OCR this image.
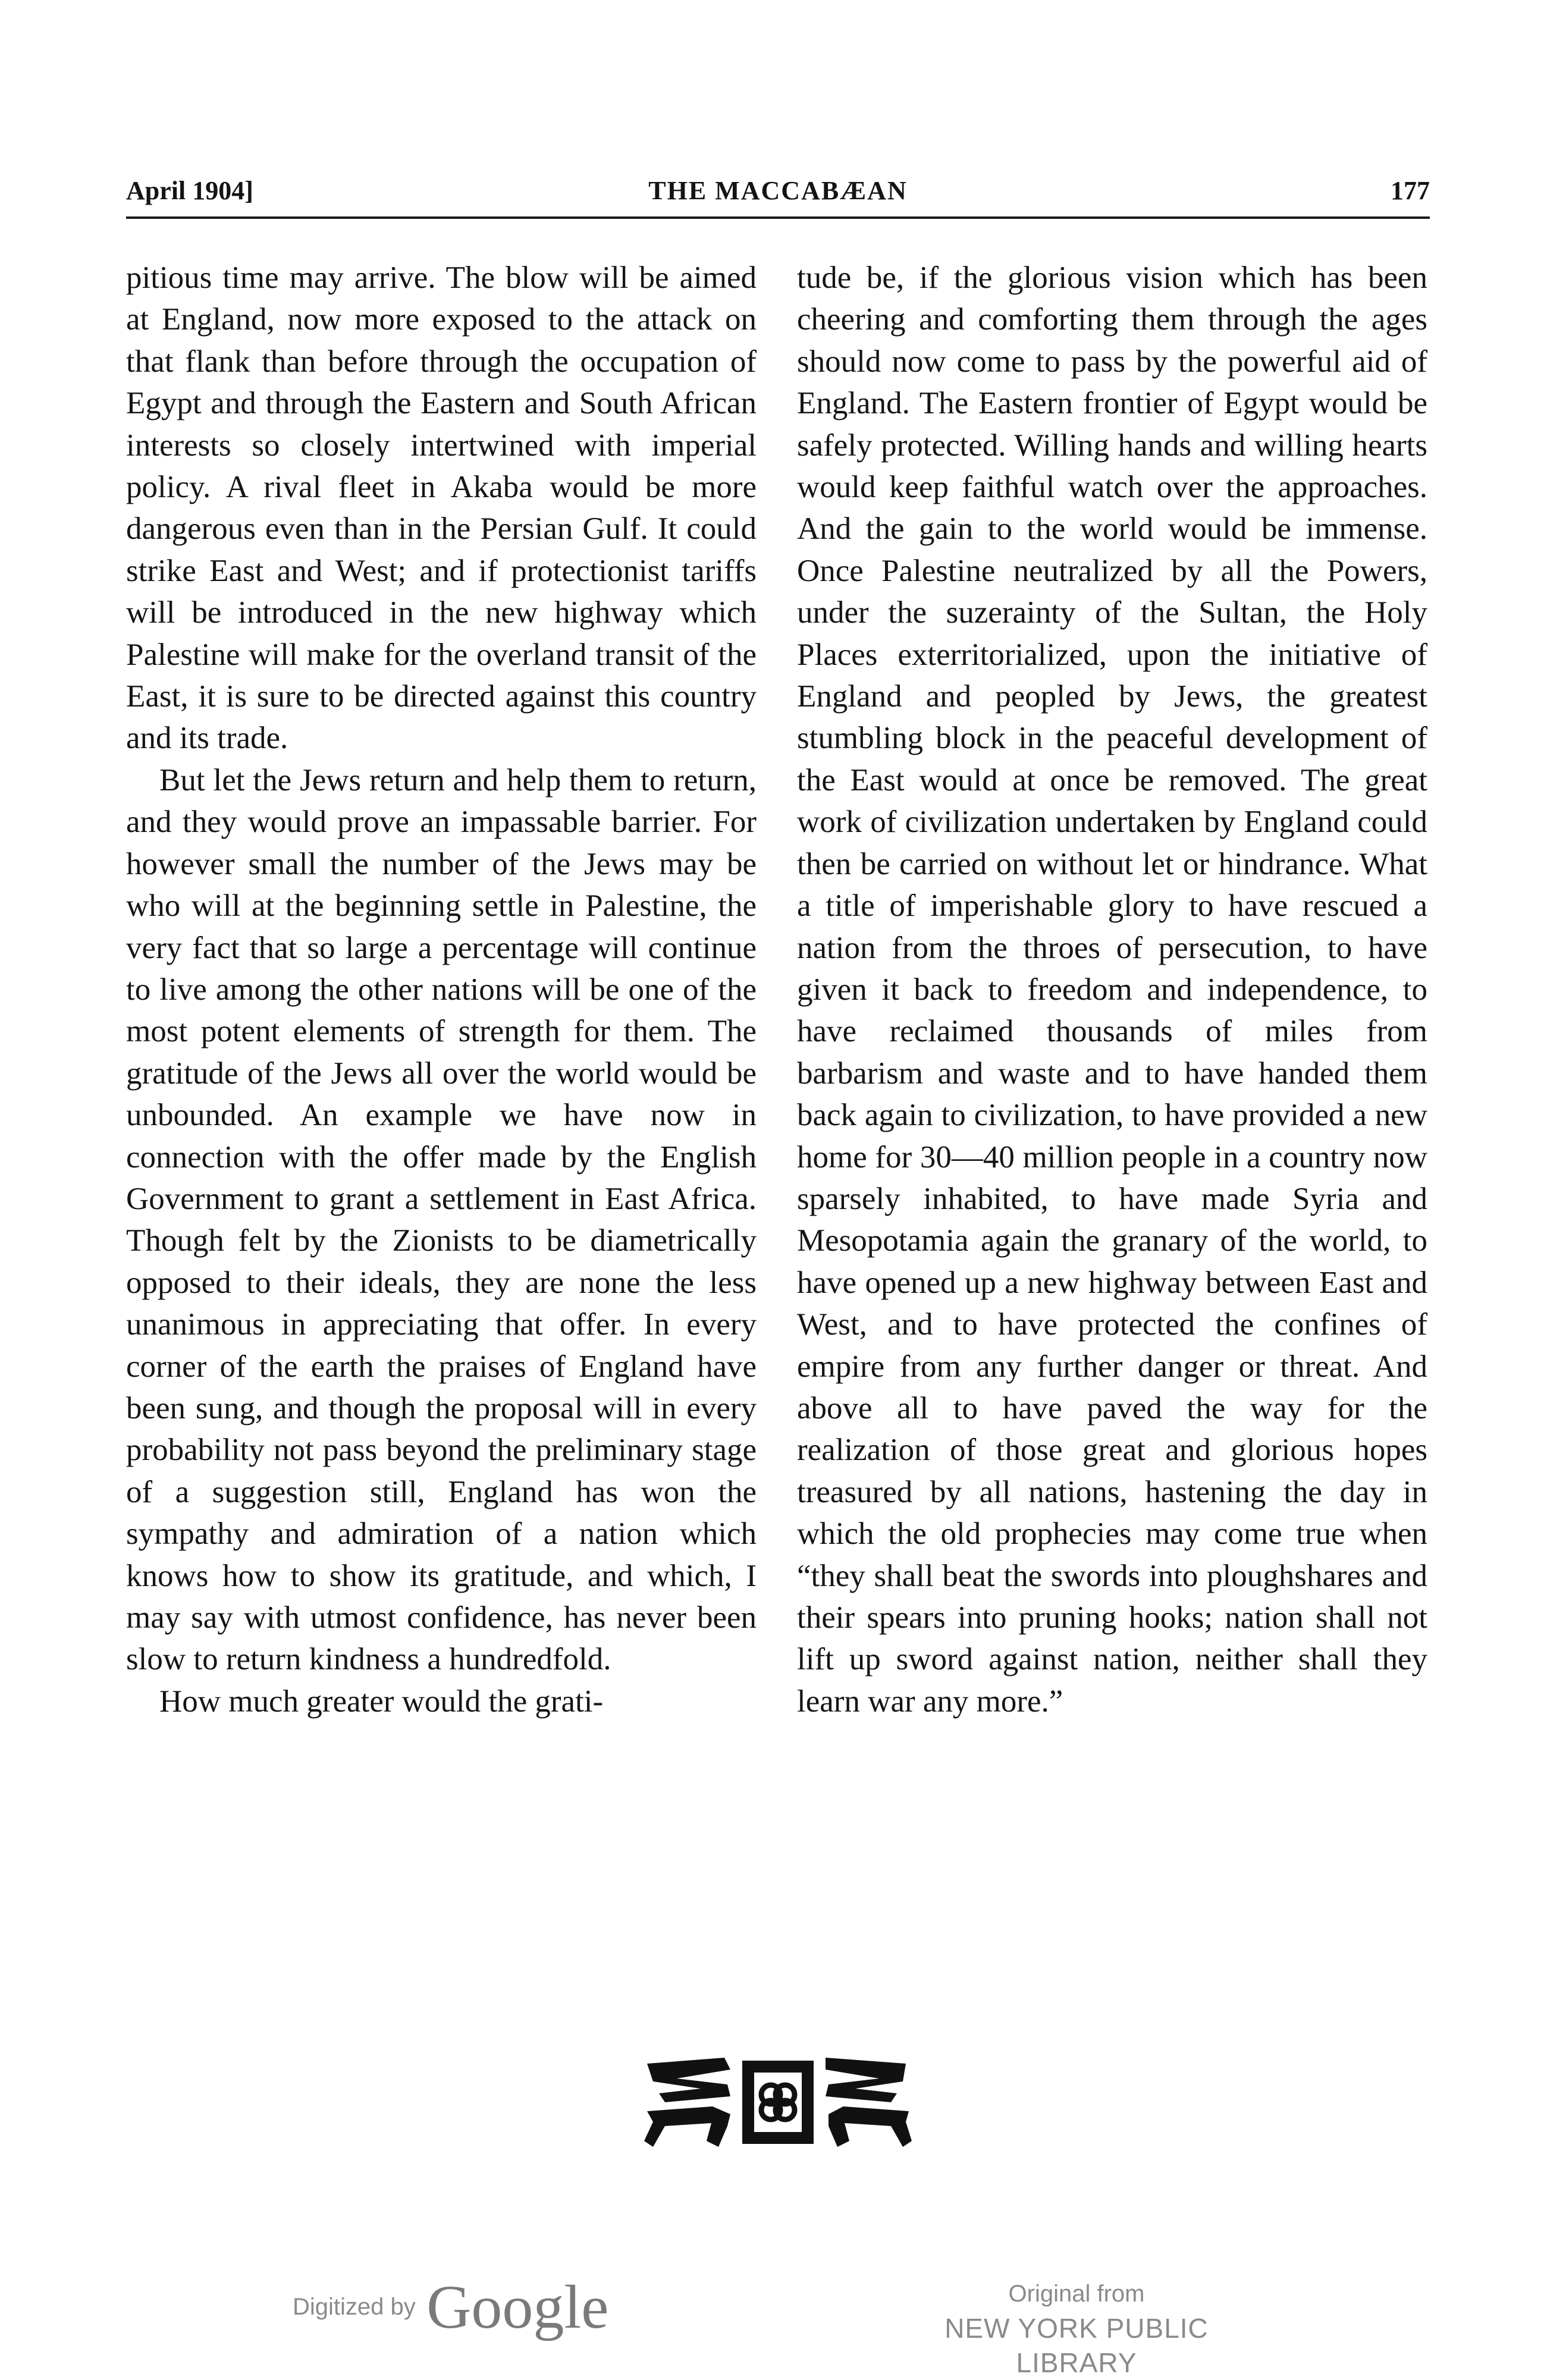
THE MACCABÆAN
April 1904]	177

pitious time may arrive. The blow will be aimed at England, now more exposed to the attack on that flank than before through the occupation of Egypt and through the Eastern and South African interests so closely intertwined with imperial policy. A rival fleet in Akaba would be more dangerous even than in the Persian Gulf. It could strike East and West; and if protectionist tariffs will be introduced in the new highway which Palestine will make for the overland transit of the East, it is sure to be directed against this country and its trade.

But let the Jews return and help them to return, and they would prove an impassable barrier. For however small the number of the Jews may be who will at the beginning settle in Palestine, the very fact that so large a percentage will continue to live among the other nations will be one of the most potent elements of strength for them. The gratitude of the Jews all over the world would be unbounded. An example we have now in connection with the offer made by the English Government to grant a settlement in East Africa. Though felt by the Zionists to be diametrically opposed to their ideals, they are none the less unanimous in appreciating that offer. In every corner of the earth the praises of England have been sung, and though the proposal will in every probability not pass beyond the preliminary stage of a suggestion still, England has won the sympathy and admiration of a nation which knows how to show its gratitude, and which, I may say with utmost confidence, has never been slow to return kindness a hundredfold.

How much greater would the grati-

tude be, if the glorious vision which has been cheering and comforting them through the ages should now come to pass by the powerful aid of England. The Eastern frontier of Egypt would be safely protected. Willing hands and willing hearts would keep faithful watch over the approaches. And the gain to the world would be immense. Once Palestine neutralized by all the Powers, under the suzerainty of the Sultan, the Holy Places exterritorialized, upon the initiative of England and peopled by Jews, the greatest stumbling block in the peaceful development of the East would at once be removed. The great work of civilization undertaken by England could then be carried on without let or hindrance. What a title of imperishable glory to have rescued a nation from the throes of persecution, to have given it back to freedom and independence, to have reclaimed thousands of miles from barbarism and waste and to have handed them back again to civilization, to have provided a new home for 30—40 million people in a country now sparsely inhabited, to have made Syria and Mesopotamia again the granary of the world, to have opened up a new highway between East and West, and to have protected the confines of empire from any further danger or threat. And above all to have paved the way for the realization of those great and glorious hopes treasured by all nations, hastening the day in which the old prophecies may come true when “they shall beat the swords into ploughshares and their spears into pruning hooks; nation shall not lift up sword against nation, neither shall they learn war any more.”

Digitized by Google	Original from
NEW YORK PUBLIC LIBRARY
